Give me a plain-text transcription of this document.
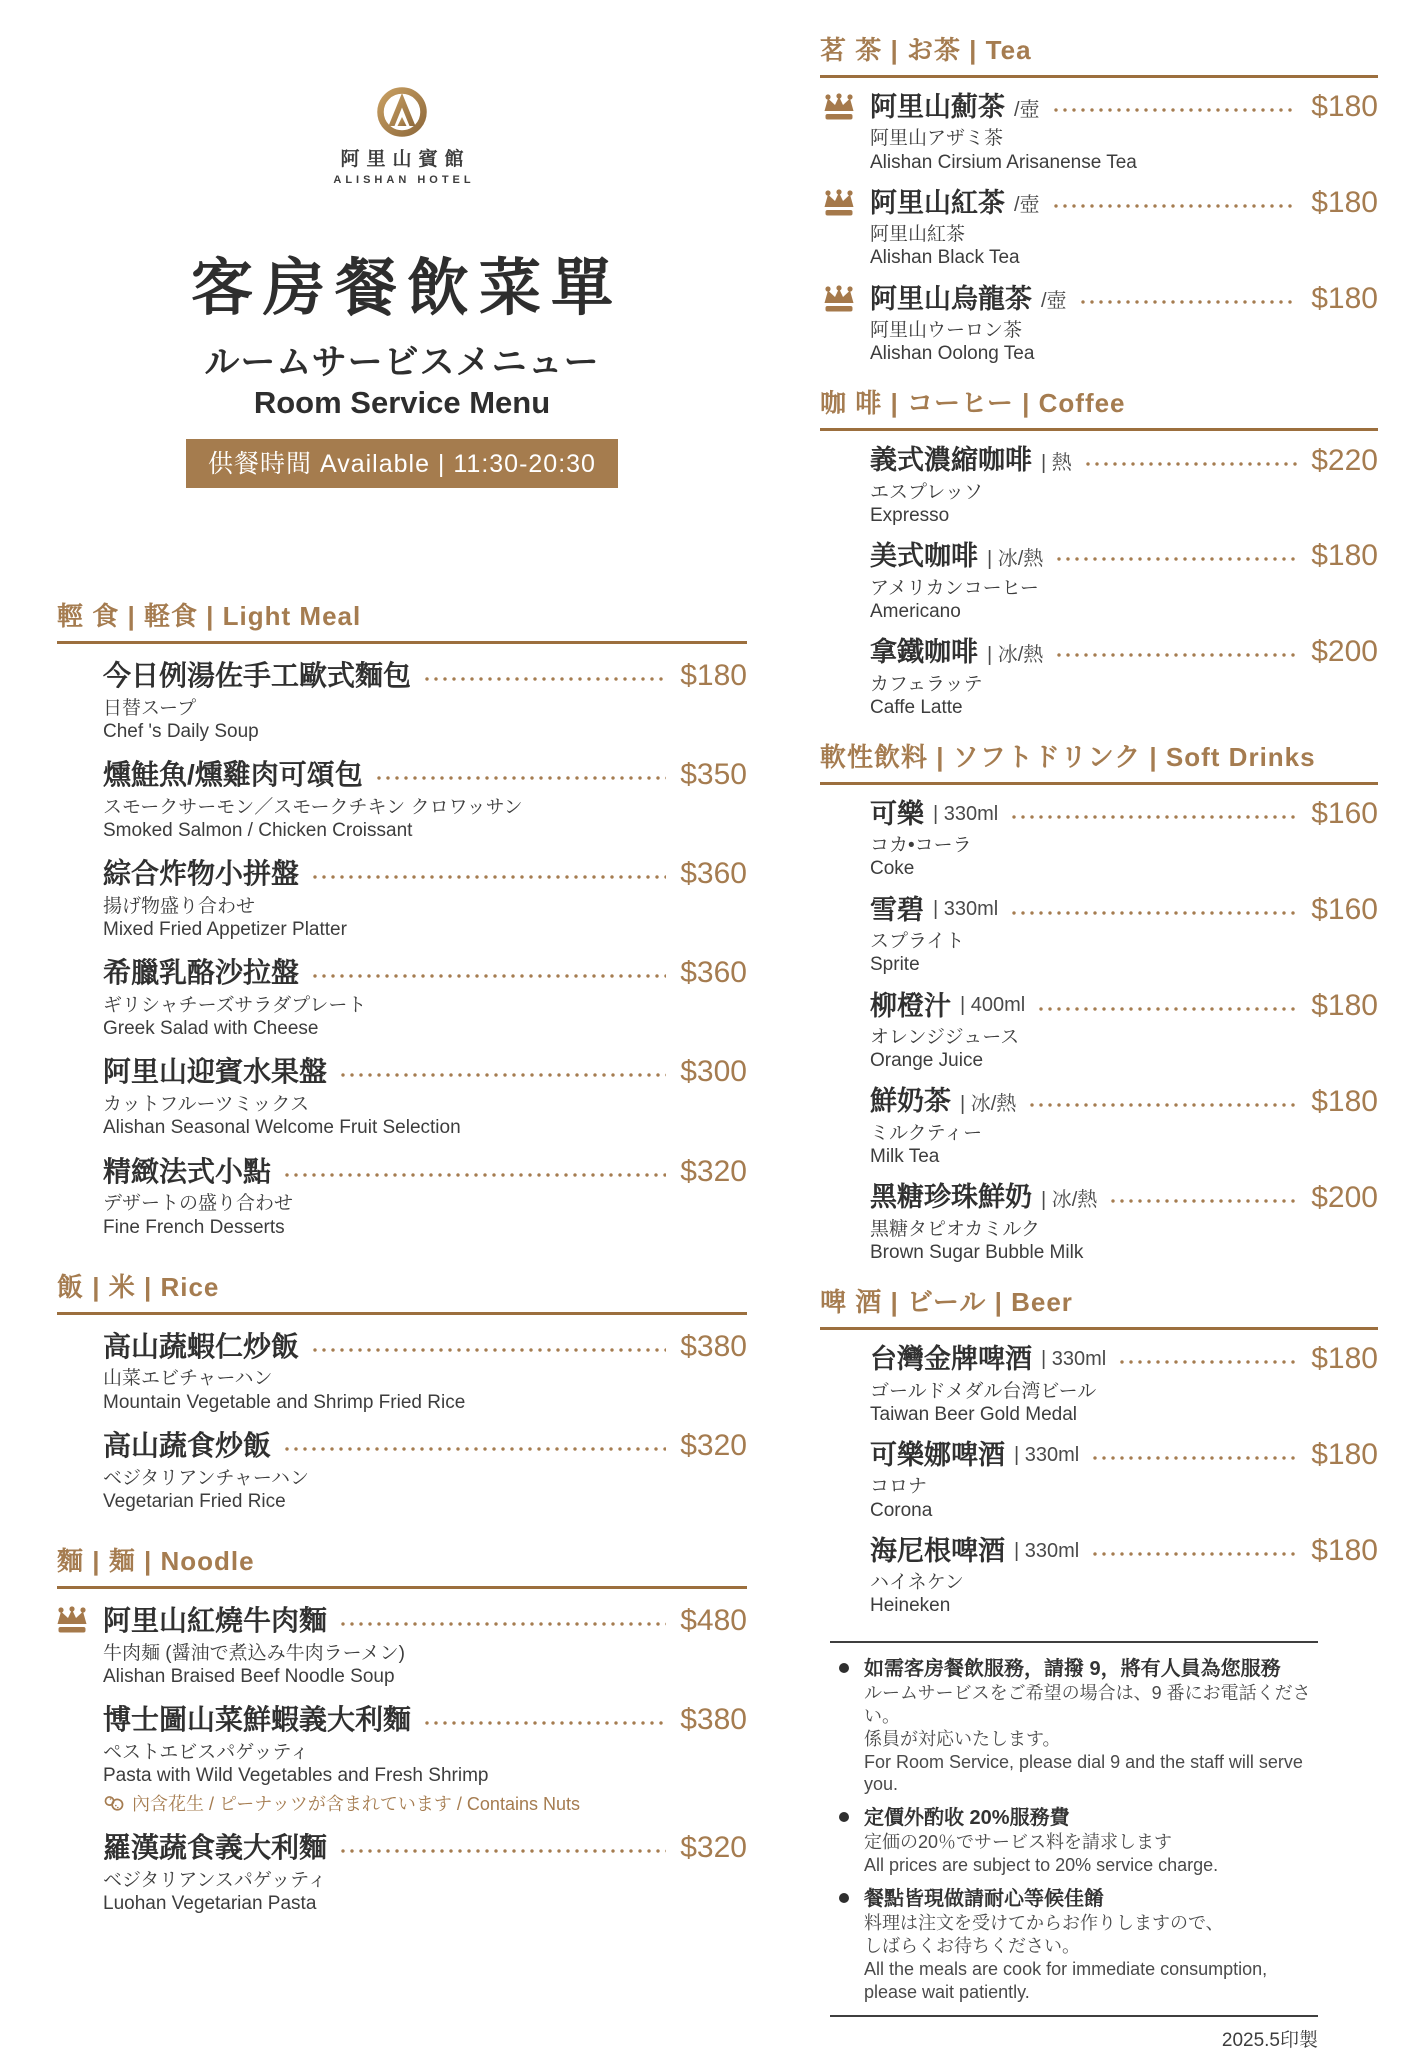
阿里山賓館
ALISHAN HOTEL
客房餐飲菜單
ルームサービスメニュー
Room Service Menu
供餐時間 Available | 11:30-20:30
輕 食 | 軽食 | Light Meal
今日例湯佐手工歐式麵包	$180
日替スープ
Chef 's Daily Soup
燻鮭魚/燻雞肉可頌包	$350
スモークサーモン／スモークチキン クロワッサン
Smoked Salmon / Chicken Croissant
綜合炸物小拼盤	$360
揚げ物盛り合わせ
Mixed Fried Appetizer Platter
希臘乳酪沙拉盤	$360
ギリシャチーズサラダプレート
Greek Salad with Cheese
阿里山迎賓水果盤	$300
カットフルーツミックス
Alishan Seasonal Welcome Fruit Selection
精緻法式小點	$320
デザートの盛り合わせ
Fine French Desserts
飯 | 米 | Rice
高山蔬蝦仁炒飯	$380
山菜エビチャーハン
Mountain Vegetable and Shrimp Fried Rice
高山蔬食炒飯	$320
ベジタリアンチャーハン
Vegetarian Fried Rice
麵 | 麺 | Noodle
阿里山紅燒牛肉麵	$480
牛肉麺 (醤油で煮込み牛肉ラーメン)
Alishan Braised Beef Noodle Soup
博士圖山菜鮮蝦義大利麵	$380
ペストエビスパゲッティ
Pasta with Wild Vegetables and Fresh Shrimp
內含花生 / ピーナッツが含まれています / Contains Nuts
羅漢蔬食義大利麵	$320
ベジタリアンスパゲッティ
Luohan Vegetarian Pasta
茗 茶 | お茶 | Tea
阿里山薊茶 /壺	$180
阿里山アザミ茶
Alishan Cirsium Arisanense Tea
阿里山紅茶 /壺	$180
阿里山紅茶
Alishan Black Tea
阿里山烏龍茶 /壺	$180
阿里山ウーロン茶
Alishan Oolong Tea
咖 啡 | コーヒー | Coffee
義式濃縮咖啡 | 熱	$220
エスプレッソ
Expresso
美式咖啡 | 冰/熱	$180
アメリカンコーヒー
Americano
拿鐵咖啡 | 冰/熱	$200
カフェラッテ
Caffe Latte
軟性飲料 | ソフトドリンク | Soft Drinks
可樂 | 330ml	$160
コカ•コーラ
Coke
雪碧 | 330ml	$160
スプライト
Sprite
柳橙汁 | 400ml	$180
オレンジジュース
Orange Juice
鮮奶茶 | 冰/熱	$180
ミルクティー
Milk Tea
黑糖珍珠鮮奶 | 冰/熱	$200
黒糖タピオカミルク
Brown Sugar Bubble Milk
啤 酒 | ビール | Beer
台灣金牌啤酒 | 330ml	$180
ゴールドメダル台湾ビール
Taiwan Beer Gold Medal
可樂娜啤酒 | 330ml	$180
コロナ
Corona
海尼根啤酒 | 330ml	$180
ハイネケン
Heineken
如需客房餐飲服務，請撥 9，將有人員為您服務
ルームサービスをご希望の場合は、9 番にお電話ください。
係員が対応いたします。
For Room Service, please dial 9 and the staff will serve you.
定價外酌收 20%服務費
定価の20％でサービス料を請求します
All prices are subject to 20% service charge.
餐點皆現做請耐心等候佳餚
料理は注文を受けてからお作りしますので、
しばらくお待ちください。
All the meals are cook for immediate consumption,
please wait patiently.
2025.5印製
